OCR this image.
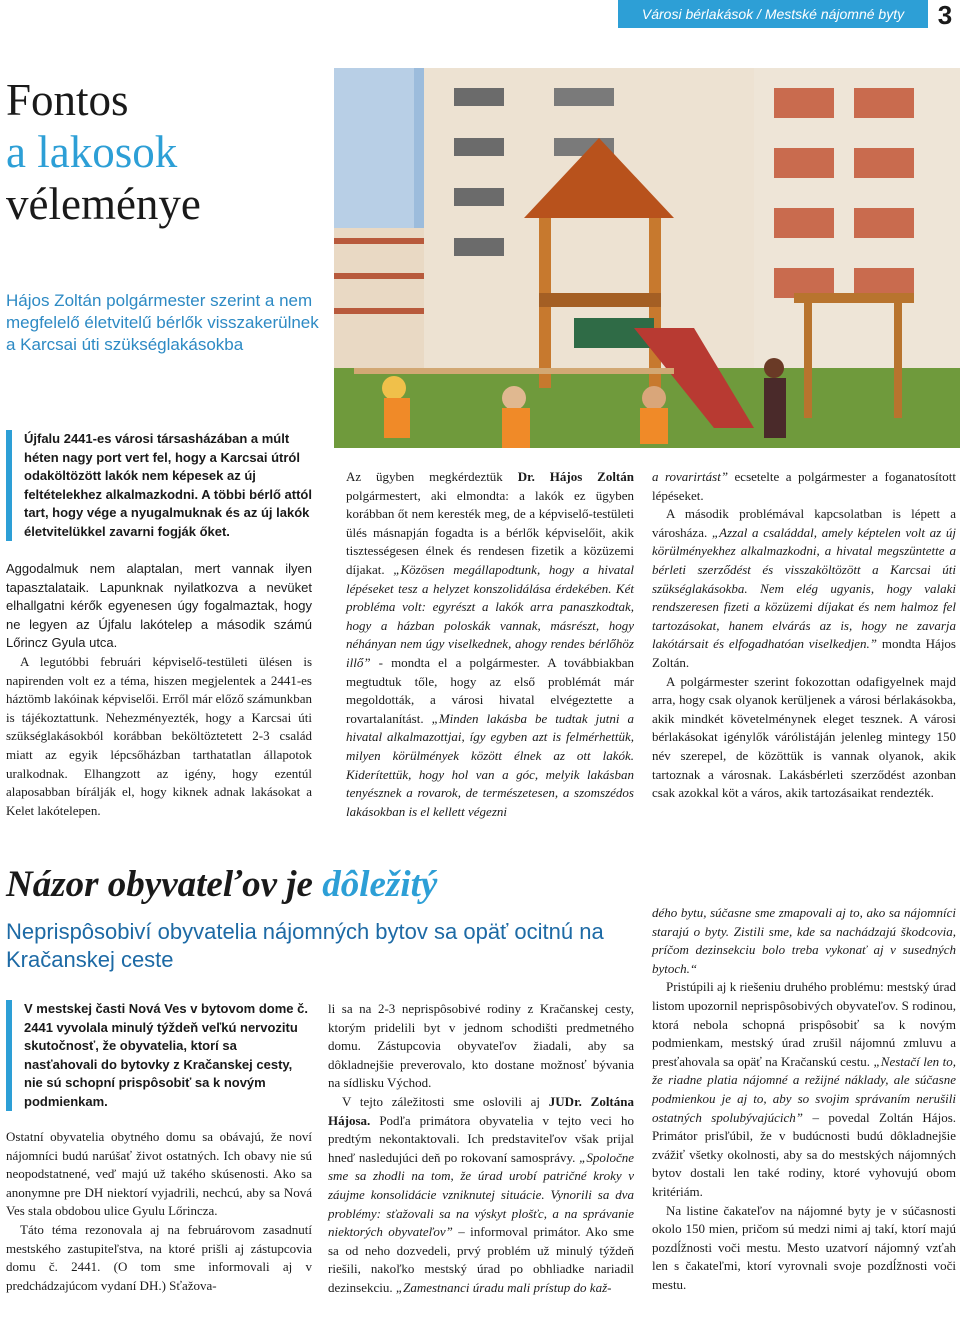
Városi bérlakások / Mestské nájomné byty 3
Fontos
a lakosok
véleménye
Hájos Zoltán polgármester szerint a nem megfelelő életvitelű bérlők visszakerülnek a Karcsai úti szükséglakásokba
Újfalu 2441-es városi társasházában a múlt héten nagy port vert fel, hogy a Karcsai útról odaköltözött lakók nem képesek az új feltételekhez alkalmazkodni. A többi bérlő attól tart, hogy vége a nyugalmuknak és az új lakók életvitelükkel zavarni fogják őket.

Aggodalmuk nem alaptalan, mert vannak ilyen tapasztalataik. Lapunknak nyilatkozva a nevüket elhallgatni kérők egyenesen úgy fogalmaztak, hogy ne legyen az Újfalu lakótelep a második számú Lőrincz Gyula utca.

A legutóbbi februári képviselő-testületi ülésen is napirenden volt ez a téma, hiszen megjelentek a 2441-es háztömb lakóinak képviselői. Erről már előző számunkban is tájékoztattunk. Nehezményezték, hogy a Karcsai úti szükséglakásokból korábban beköltöztetett 2-3 család miatt az egyik lépcsőházban tarthatatlan állapotok uralkodnak. Elhangzott az igény, hogy ezentúl alaposabban bírálják el, hogy kiknek adnak lakásokat a Kelet lakótelepen.

Az ügyben megkérdeztük Dr. Hájos Zoltán polgármestert, aki elmondta: a lakók ez ügyben korábban őt nem keresték meg, de a képviselő-testületi ülés másnapján fogadta is a bérlők képviselőit, akik tisztességesen élnek és rendesen fizetik a közüzemi díjakat. „Közösen megállapodtunk, hogy a hivatal lépéseket tesz a helyzet konszolidálása érdekében. Két probléma volt: egyrészt a lakók arra panaszkodtak, hogy a házban poloskák vannak, másrészt, hogy néhányan nem úgy viselkednek, ahogy rendes bérlőhöz illő” - mondta el a polgármester. A továbbiakban megtudtuk tőle, hogy az első problémát már megoldották, a városi hivatal elvégeztette a rovartalanítást. „Minden lakásba be tudtak jutni a hivatal alkalmazottjai, így egyben azt is felmérhettük, milyen körülmények között élnek az ott lakók. Kiderítettük, hogy hol van a góc, melyik lakásban tenyésznek a rovarok, de természetesen, a szomszédos lakásokban is el kellett végezni

a rovarirtást” ecsetelte a polgármester a foganatosított lépéseket.

A második problémával kapcsolatban is lépett a városháza. „Azzal a családdal, amely képtelen volt az új körülményekhez alkalmazkodni, a hivatal megszüntette a bérleti szerződést és visszaköltözött a Karcsai úti szükséglakásokba. Nem elég ugyanis, hogy valaki rendszeresen fizeti a közüzemi díjakat és nem halmoz fel tartozásokat, hanem elvárás az is, hogy ne zavarja lakótársait és elfogadhatóan viselkedjen.” mondta Hájos Zoltán.

A polgármester szerint fokozottan odafigyelnek majd arra, hogy csak olyanok kerüljenek a városi bérlakásokba, akik mindkét követelménynek eleget tesznek. A városi bérlakásokat igénylők várólistáján jelenleg mintegy 150 név szerepel, de közöttük is vannak olyanok, akik tartoznak a városnak. Lakásbérleti szerződést azonban csak azokkal köt a város, akik tartozásaikat rendezték.

Názor obyvateľov je dôležitý
Neprispôsobiví obyvatelia nájomných bytov sa opäť ocitnú na Kračanskej ceste
V mestskej časti Nová Ves v bytovom dome č. 2441 vyvolala minulý týždeň veľkú nervozitu skutočnosť, že obyvatelia, ktorí sa nasťahovali do bytovky z Kračanskej cesty, nie sú schopní prispôsobiť sa k novým podmienkam.

Ostatní obyvatelia obytného domu sa obávajú, že noví nájomníci budú narúšať život ostatných. Ich obavy nie sú neopodstatnené, veď majú už takého skúsenosti. Ako sa anonymne pre DH niektorí vyjadrili, nechcú, aby sa Nová Ves stala obdobou ulice Gyulu Lőrincza.

Táto téma rezonovala aj na februárovom zasadnutí mestského zastupiteľstva, na ktoré prišli aj zástupcovia domu č. 2441. (O tom sme informovali aj v predchádzajúcom vydaní DH.) Sťažova-

li sa na 2-3 neprispôsobivé rodiny z Kračanskej cesty, ktorým pridelili byt v jednom schodišti predmetného domu. Zástupcovia obyvateľov žiadali, aby sa dôkladnejšie preverovalo, kto dostane možnosť bývania na sídlisku Východ.

V tejto záležitosti sme oslovili aj JUDr. Zoltána Hájosa. Podľa primátora obyvatelia v tejto veci ho predtým nekontaktovali. Ich predstaviteľov však prijal hneď nasledujúci deň po rokovaní samosprávy. „Spoločne sme sa zhodli na tom, že úrad urobí patričné kroky v záujme konsolidácie vzniknutej situácie. Vynorili sa dva problémy: sťažovali sa na výskyt plošťc, a na správanie niektorých obyvateľov” – informoval primátor. Ako sme sa od neho dozvedeli, prvý problém už minulý týždeň riešili, nakoľko mestský úrad po obhliadke nariadil dezinsekciu. „Zamestnanci úradu mali prístup do kaž-

dého bytu, súčasne sme zmapovali aj to, ako sa nájomníci starajú o byty. Zistili sme, kde sa nachádzajú škodcovia, príčom dezinsekciu bolo treba vykonať aj v susedných bytoch.“

Pristúpili aj k riešeniu druhého problému: mestský úrad listom upozornil neprispôsobivých obyvateľov. S rodinou, ktorá nebola schopná prispôsobiť sa k novým podmienkam, mestský úrad zrušil nájomnú zmluvu a presťahovala sa opäť na Kračanskú cestu. „Nestačí len to, že riadne platia nájomné a režijné náklady, ale súčasne podmienkou je aj to, aby so svojim správaním nerušili ostatných spolubývajúcich” – povedal Zoltán Hájos. Primátor prisľúbil, že v budúcnosti budú dôkladnejšie zvážiť všetky okolnosti, aby sa do mestských nájomných bytov dostali len také rodiny, ktoré vyhovujú obom kritériám.

Na listine čakateľov na nájomné byty je v súčasnosti okolo 150 mien, pričom sú medzi nimi aj takí, ktorí majú pozdĺžnosti voči mestu. Mesto uzatvorí nájomný vzťah len s čakateľmi, ktorí vyrovnali svoje pozdĺžnosti voči mestu.
